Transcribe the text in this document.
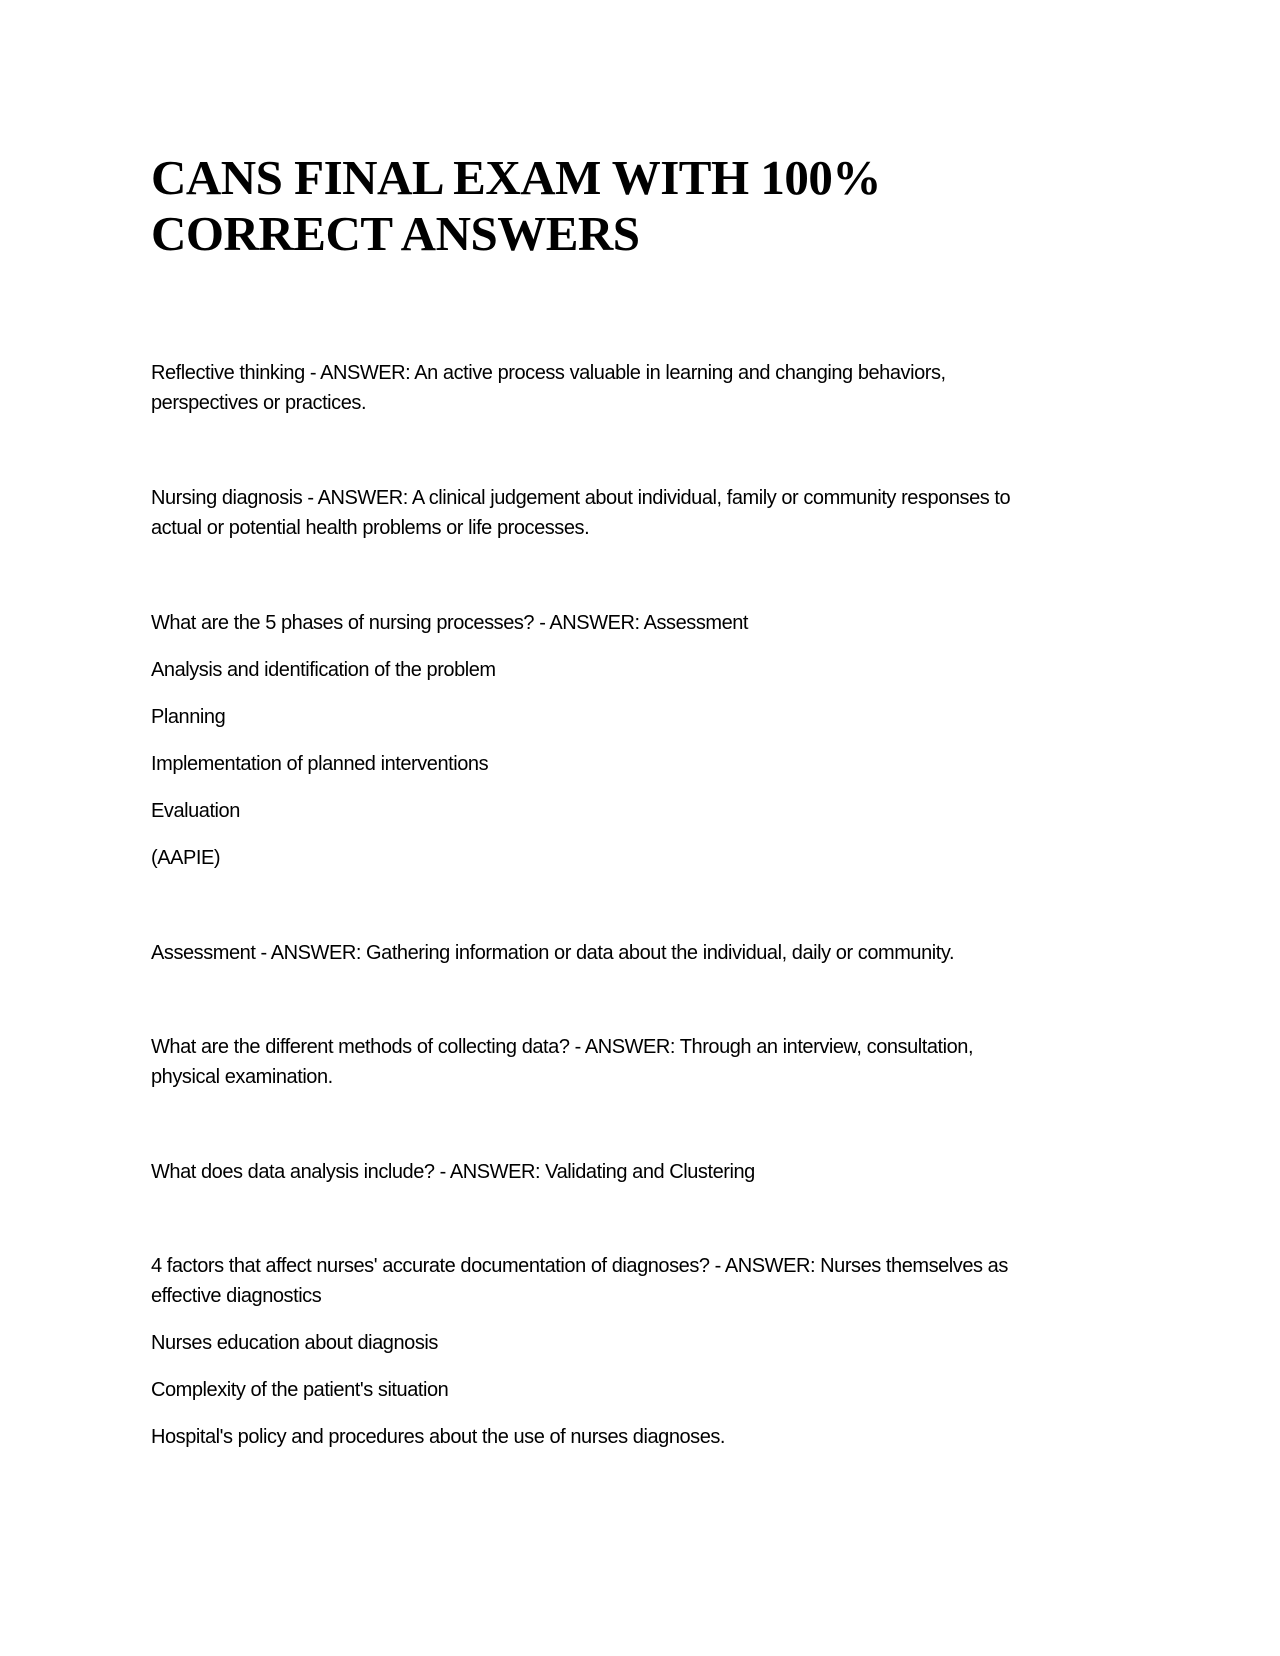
CANS FINAL EXAM WITH 100%
CORRECT ANSWERS

Reflective thinking - ANSWER: An active process valuable in learning and changing behaviors,

perspectives or practices.

Nursing diagnosis - ANSWER: A clinical judgement about individual, family or community responses to

actual or potential health problems or life processes.

What are the 5 phases of nursing processes? - ANSWER: Assessment

Analysis and identification of the problem

Planning

Implementation of planned interventions

Evaluation

(AAPIE)

Assessment - ANSWER: Gathering information or data about the individual, daily or community.

What are the different methods of collecting data? - ANSWER: Through an interview, consultation,

physical examination.

What does data analysis include? - ANSWER: Validating and Clustering

4 factors that affect nurses' accurate documentation of diagnoses? - ANSWER: Nurses themselves as

effective diagnostics

Nurses education about diagnosis

Complexity of the patient's situation

Hospital's policy and procedures about the use of nurses diagnoses.
